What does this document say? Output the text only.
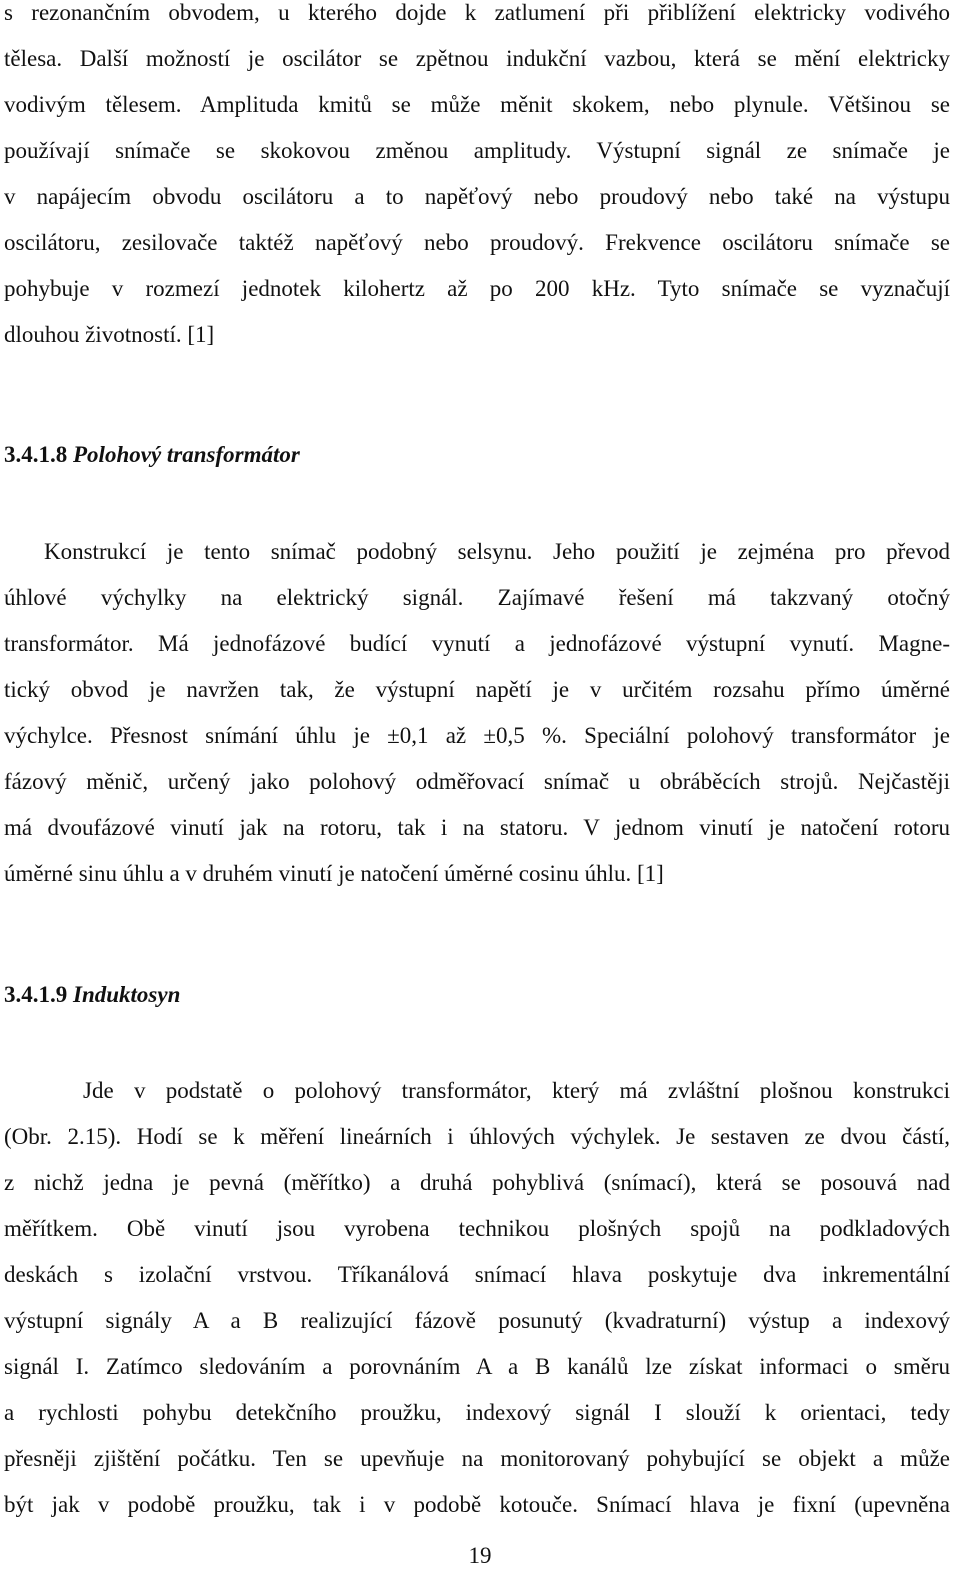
s rezonančním obvodem, u kterého dojde k zatlumení při přiblížení elektricky vodivého
tělesa. Další možností je oscilátor se zpětnou indukční vazbou, která se mění elektricky
vodivým tělesem. Amplituda kmitů se může měnit skokem, nebo plynule. Většinou se
používají snímače se skokovou změnou amplitudy. Výstupní signál ze snímače je
v napájecím obvodu oscilátoru a to napěťový nebo proudový nebo také na výstupu
oscilátoru, zesilovače taktéž napěťový nebo proudový. Frekvence oscilátoru snímače se
pohybuje v rozmezí jednotek kilohertz až po 200 kHz. Tyto snímače se vyznačují
dlouhou životností. [1]
3.4.1.8 Polohový transformátor
Konstrukcí je tento snímač podobný selsynu. Jeho použití je zejména pro převod
úhlové výchylky na elektrický signál. Zajímavé řešení má takzvaný otočný
transformátor. Má jednofázové budící vynutí a jednofázové výstupní vynutí. Magne-
tický obvod je navržen tak, že výstupní napětí je v určitém rozsahu přímo úměrné
výchylce. Přesnost snímání úhlu je ±0,1 až ±0,5 %. Speciální polohový transformátor je
fázový měnič, určený jako polohový odměřovací snímač u obráběcích strojů. Nejčastěji
má dvoufázové vinutí jak na rotoru, tak i na statoru. V jednom vinutí je natočení rotoru
úměrné sinu úhlu a v druhém vinutí je natočení úměrné cosinu úhlu. [1]
3.4.1.9 Induktosyn
Jde v podstatě o polohový transformátor, který má zvláštní plošnou konstrukci
(Obr. 2.15). Hodí se k měření lineárních i úhlových výchylek. Je sestaven ze dvou částí,
z nichž jedna je pevná (měřítko) a druhá pohyblivá (snímací), která se posouvá nad
měřítkem. Obě vinutí jsou vyrobena technikou plošných spojů na podkladových
deskách s izolační vrstvou. Tříkanálová snímací hlava poskytuje dva inkrementální
výstupní signály A a B realizující fázově posunutý (kvadraturní) výstup a indexový
signál I. Zatímco sledováním a porovnáním A a B kanálů lze získat informaci o směru
a rychlosti pohybu detekčního proužku, indexový signál I slouží k orientaci, tedy
přesněji zjištění počátku. Ten se upevňuje na monitorovaný pohybující se objekt a může
být jak v podobě proužku, tak i v podobě kotouče. Snímací hlava je fixní (upevněna
19
